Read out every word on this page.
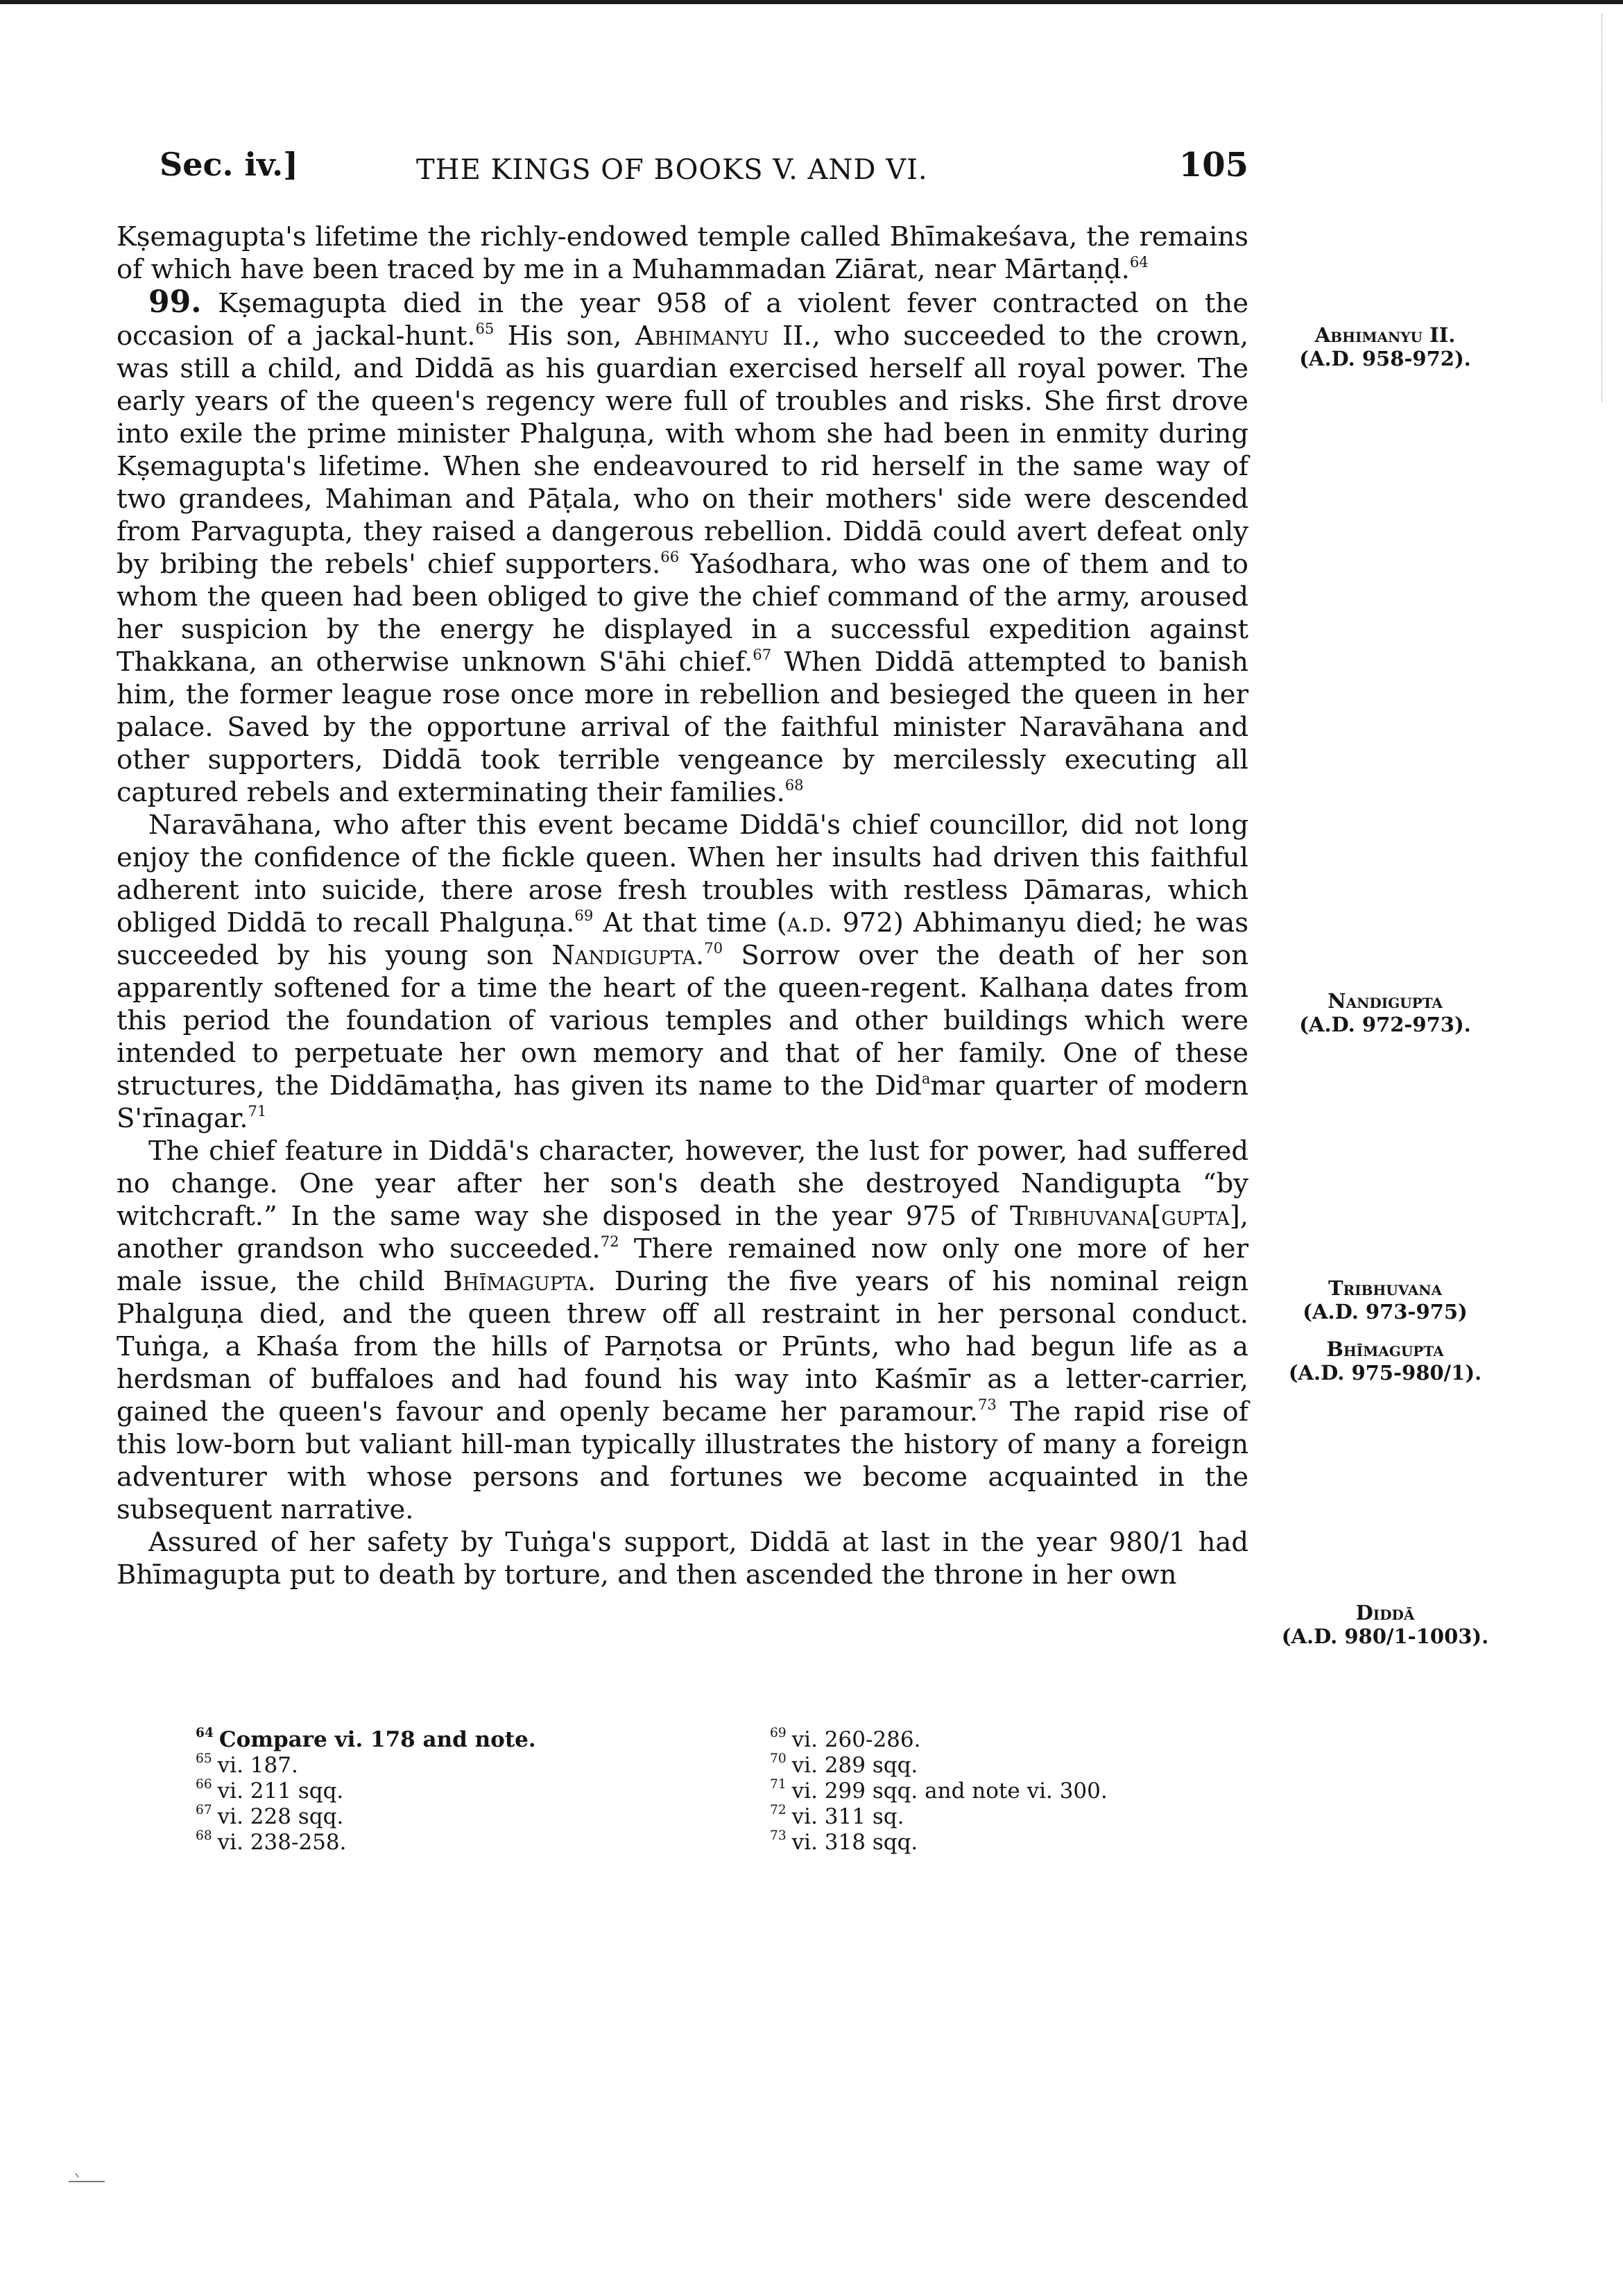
Sec. iv.]	THE KINGS OF BOOKS V. AND VI.	105

Kṣemagupta's lifetime the richly-endowed temple called Bhīmakeśava, the remains of which have been traced by me in a Muhammadan Ziārat, near Mārtaṇḍ.$^{64}$

99. Kṣemagupta died in the year 958 of a violent fever contracted on the occasion of a jackal-hunt.$^{65}$ His son, Abhimanyu II., who succeeded to the crown, was still a child, and Diddā as his guardian exercised herself all royal power. The early years of the queen's regency were full of troubles and risks. She first drove into exile the prime minister Phalguṇa, with whom she had been in enmity during Kṣemagupta's lifetime. When she endeavoured to rid herself in the same way of two grandees, Mahiman and Pāṭala, who on their mothers' side were descended from Parvagupta, they raised a dangerous rebellion. Diddā could avert defeat only by bribing the rebels' chief supporters.$^{66}$ Yaśodhara, who was one of them and to whom the queen had been obliged to give the chief command of the army, aroused her suspicion by the energy he displayed in a successful expedition against Thakkana, an otherwise unknown S'āhi chief.$^{67}$ When Diddā attempted to banish him, the former league rose once more in rebellion and besieged the queen in her palace. Saved by the opportune arrival of the faithful minister Naravāhana and other supporters, Diddā took terrible vengeance by mercilessly executing all captured rebels and exterminating their families.$^{68}$

Naravāhana, who after this event became Diddā's chief councillor, did not long enjoy the confidence of the fickle queen. When her insults had driven this faithful adherent into suicide, there arose fresh troubles with restless Ḍāmaras, which obliged Diddā to recall Phalguṇa.$^{69}$ At that time (a.d. 972) Abhimanyu died; he was succeeded by his young son Nandigupta.$^{70}$ Sorrow over the death of her son apparently softened for a time the heart of the queen-regent. Kalhaṇa dates from this period the foundation of various temples and other buildings which were intended to perpetuate her own memory and that of her family. One of these structures, the Diddāmaṭha, has given its name to the Did$^a$mar quarter of modern S'rīnagar.$^{71}$

The chief feature in Diddā's character, however, the lust for power, had suffered no change. One year after her son's death she destroyed Nandigupta “by witchcraft.” In the same way she disposed in the year 975 of Tribhuvana[gupta], another grandson who succeeded.$^{72}$ There remained now only one more of her male issue, the child Bhīmagupta. During the five years of his nominal reign Phalguṇa died, and the queen threw off all restraint in her personal conduct. Tuṅga, a Khaśa from the hills of Parṇotsa or Prūnts, who had begun life as a herdsman of buffaloes and had found his way into Kaśmīr as a letter-carrier, gained the queen's favour and openly became her paramour.$^{73}$ The rapid rise of this low-born but valiant hill-man typically illustrates the history of many a foreign adventurer with whose persons and fortunes we become acquainted in the subsequent narrative.

Assured of her safety by Tuṅga's support, Diddā at last in the year 980/1 had Bhīmagupta put to death by torture, and then ascended the throne in her own

Abhimanyu II.
(A.D. 958-972).
Nandigupta
(A.D. 972-973).
Tribhuvana
(A.D. 973-975)
Bhīmagupta
(A.D. 975-980/1).
Diddā
(A.D. 980/1-1003).
$^{64}$ Compare vi. 178 and note.
$^{65}$ vi. 187.
$^{66}$ vi. 211 sqq.
$^{67}$ vi. 228 sqq.
$^{68}$ vi. 238-258.
$^{69}$ vi. 260-286.
$^{70}$ vi. 289 sqq.
$^{71}$ vi. 299 sqq. and note vi. 300.
$^{72}$ vi. 311 sq.
$^{73}$ vi. 318 sqq.
